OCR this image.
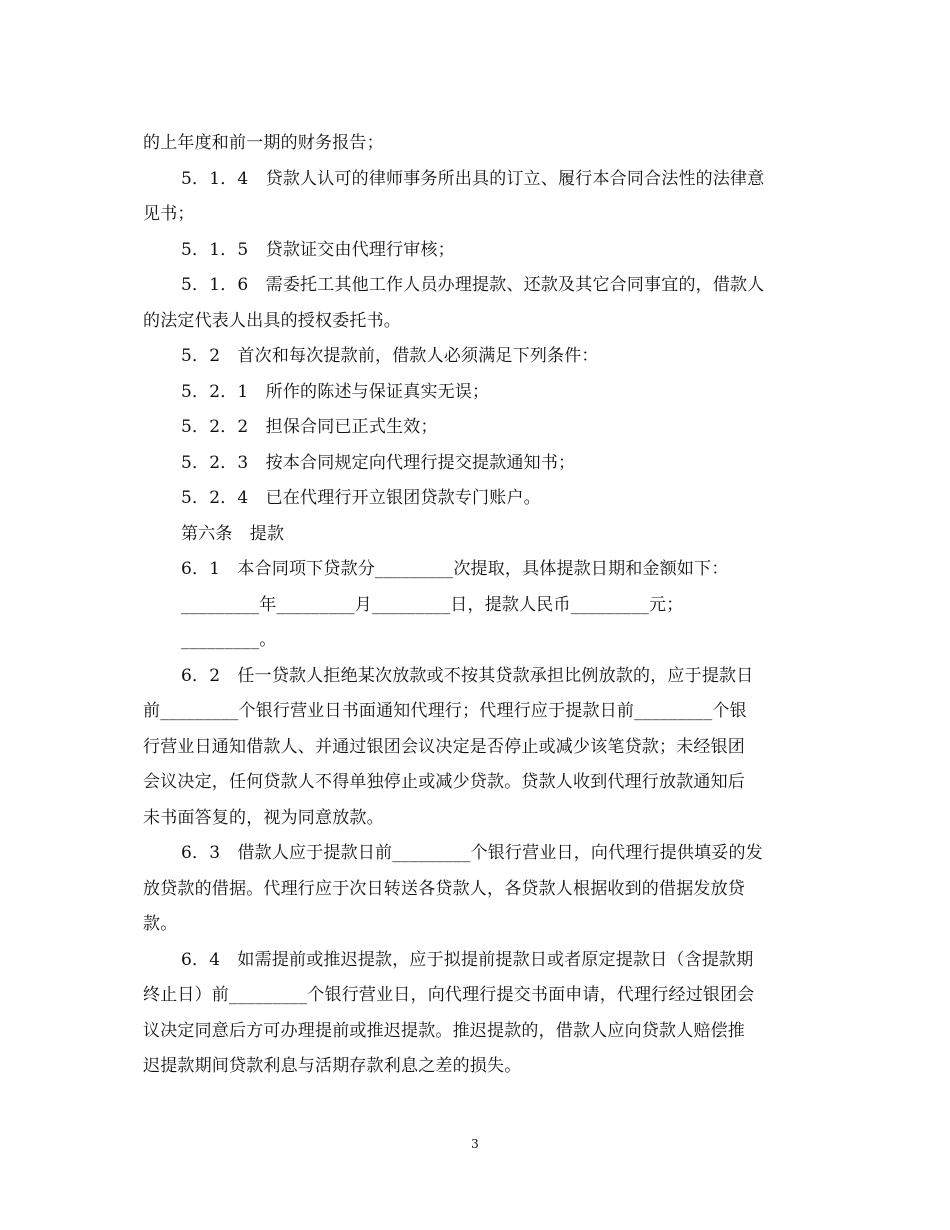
的上年度和前一期的财务报告；
5．1．4　贷款人认可的律师事务所出具的订立、履行本合同合法性的法律意
见书；
5．1．5　贷款证交由代理行审核；
5．1．6　需委托工其他工作人员办理提款、还款及其它合同事宜的，借款人
的法定代表人出具的授权委托书。
5．2　首次和每次提款前，借款人必须满足下列条件：
5．2．1　所作的陈述与保证真实无误；
5．2．2　担保合同已正式生效；
5．2．3　按本合同规定向代理行提交提款通知书；
5．2．4　已在代理行开立银团贷款专门账户。
第六条　提款
6．1　本合同项下贷款分_________次提取，具体提款日期和金额如下：
_________年_________月_________日，提款人民币_________元；
_________。
6．2　任一贷款人拒绝某次放款或不按其贷款承担比例放款的，应于提款日
前_________个银行营业日书面通知代理行；代理行应于提款日前_________个银
行营业日通知借款人、并通过银团会议决定是否停止或减少该笔贷款；未经银团
会议决定，任何贷款人不得单独停止或减少贷款。贷款人收到代理行放款通知后
未书面答复的，视为同意放款。
6．3　借款人应于提款日前_________个银行营业日，向代理行提供填妥的发
放贷款的借据。代理行应于次日转送各贷款人，各贷款人根据收到的借据发放贷
款。
6．4　如需提前或推迟提款，应于拟提前提款日或者原定提款日（含提款期
终止日）前_________个银行营业日，向代理行提交书面申请，代理行经过银团会
议决定同意后方可办理提前或推迟提款。推迟提款的，借款人应向贷款人赔偿推
迟提款期间贷款利息与活期存款利息之差的损失。
3
